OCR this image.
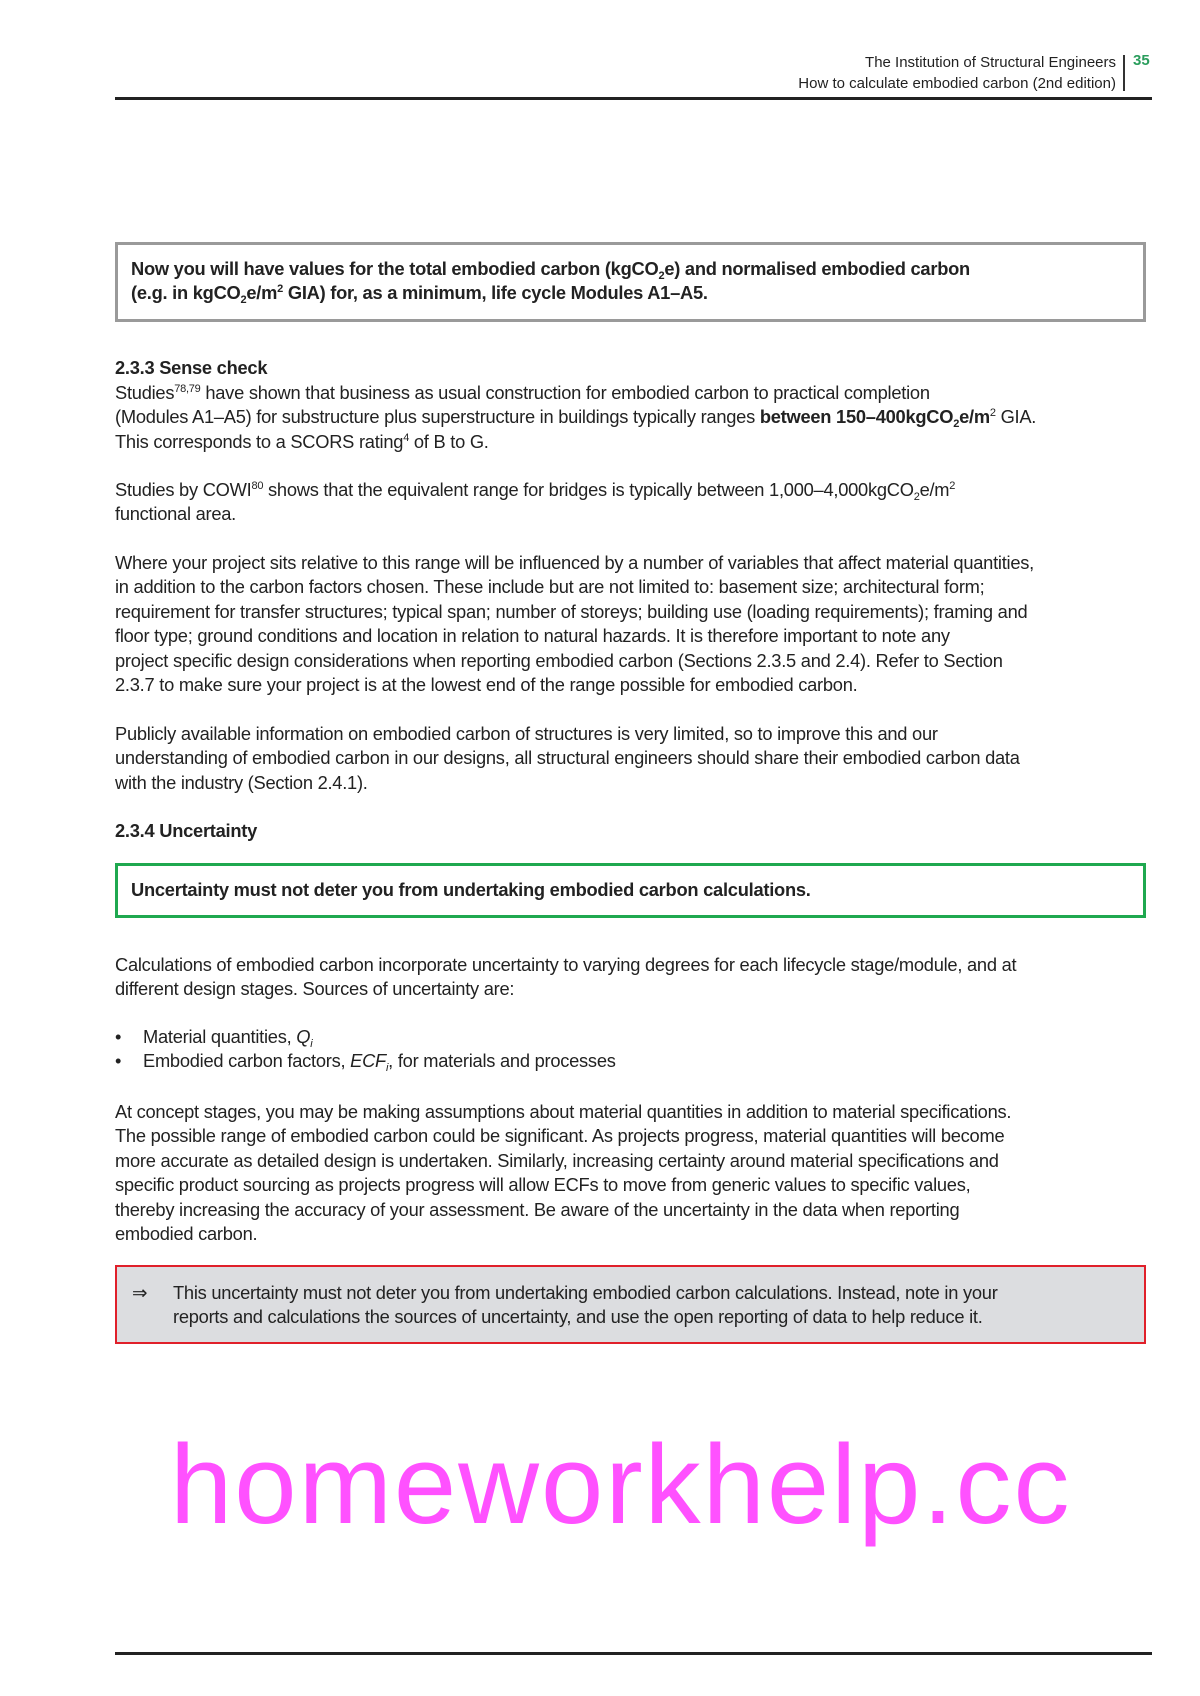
The Institution of Structural Engineers
How to calculate embodied carbon (2nd edition)
35
Now you will have values for the total embodied carbon (kgCO$_2$e) and normalised embodied carbon
(e.g. in $kgCO_2e/m^2$ GIA) for, as a minimum, life cycle Modules A1–A5.
2.3.3 Sense check
Studies$^{78,79}$ have shown that business as usual construction for embodied carbon to practical completion
(Modules A1–A5) for substructure plus superstructure in buildings typically ranges between $150-400kgCO_2e/m^2$ GIA.
This corresponds to a SCORS rating$^4$ of B to G.
Studies by COWI$^{80}$ shows that the equivalent range for bridges is typically between $1,000-4,000kgCO_2e/m^2$
functional area.
Where your project sits relative to this range will be influenced by a number of variables that affect material quantities,
in addition to the carbon factors chosen. These include but are not limited to: basement size; architectural form;
requirement for transfer structures; typical span; number of storeys; building use (loading requirements); framing and
floor type; ground conditions and location in relation to natural hazards. It is therefore important to note any
project specific design considerations when reporting embodied carbon (Sections 2.3.5 and 2.4). Refer to Section
2.3.7 to make sure your project is at the lowest end of the range possible for embodied carbon.
Publicly available information on embodied carbon of structures is very limited, so to improve this and our
understanding of embodied carbon in our designs, all structural engineers should share their embodied carbon data
with the industry (Section 2.4.1).
2.3.4 Uncertainty
Uncertainty must not deter you from undertaking embodied carbon calculations.
Calculations of embodied carbon incorporate uncertainty to varying degrees for each lifecycle stage/module, and at
different design stages. Sources of uncertainty are:
• Material quantities, $Q_i$
• Embodied carbon factors, $ECF_i$, for materials and processes
At concept stages, you may be making assumptions about material quantities in addition to material specifications.
The possible range of embodied carbon could be significant. As projects progress, material quantities will become
more accurate as detailed design is undertaken. Similarly, increasing certainty around material specifications and
specific product sourcing as projects progress will allow ECFs to move from generic values to specific values,
thereby increasing the accuracy of your assessment. Be aware of the uncertainty in the data when reporting
embodied carbon.
⇒ This uncertainty must not deter you from undertaking embodied carbon calculations. Instead, note in your
reports and calculations the sources of uncertainty, and use the open reporting of data to help reduce it.
homeworkhelp.cc
